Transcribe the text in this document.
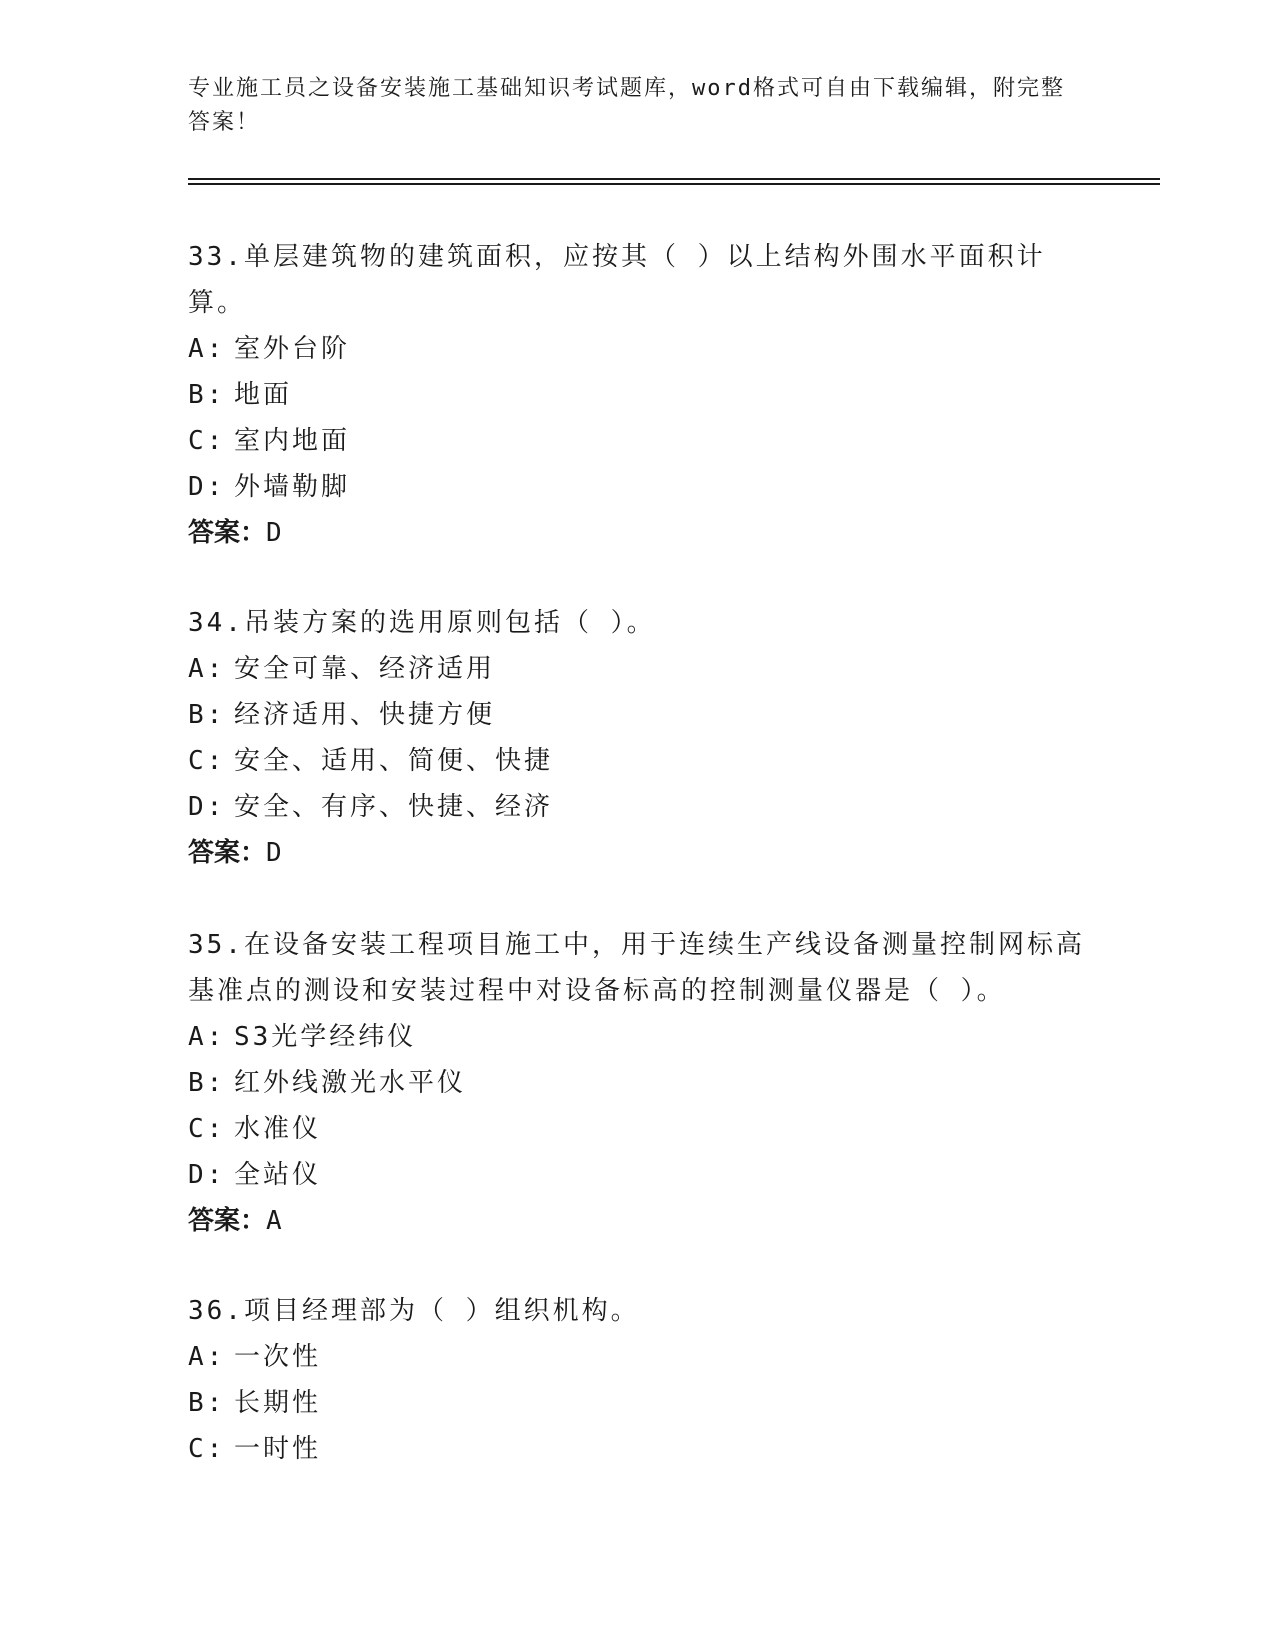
专业施工员之设备安装施工基础知识考试题库，word格式可自由下载编辑，附完整答案！

33.单层建筑物的建筑面积，应按其（ ）以上结构外围水平面积计算。

A: 室外台阶

B: 地面

C: 室内地面

D: 外墙勒脚

答案：D

34.吊装方案的选用原则包括（ ）。

A: 安全可靠、经济适用

B: 经济适用、快捷方便

C: 安全、适用、简便、快捷

D: 安全、有序、快捷、经济

答案：D

35.在设备安装工程项目施工中，用于连续生产线设备测量控制网标高基准点的测设和安装过程中对设备标高的控制测量仪器是（ ）。

A: S3光学经纬仪

B: 红外线激光水平仪

C: 水准仪

D: 全站仪

答案：A

36.项目经理部为（ ）组织机构。

A: 一次性

B: 长期性

C: 一时性
